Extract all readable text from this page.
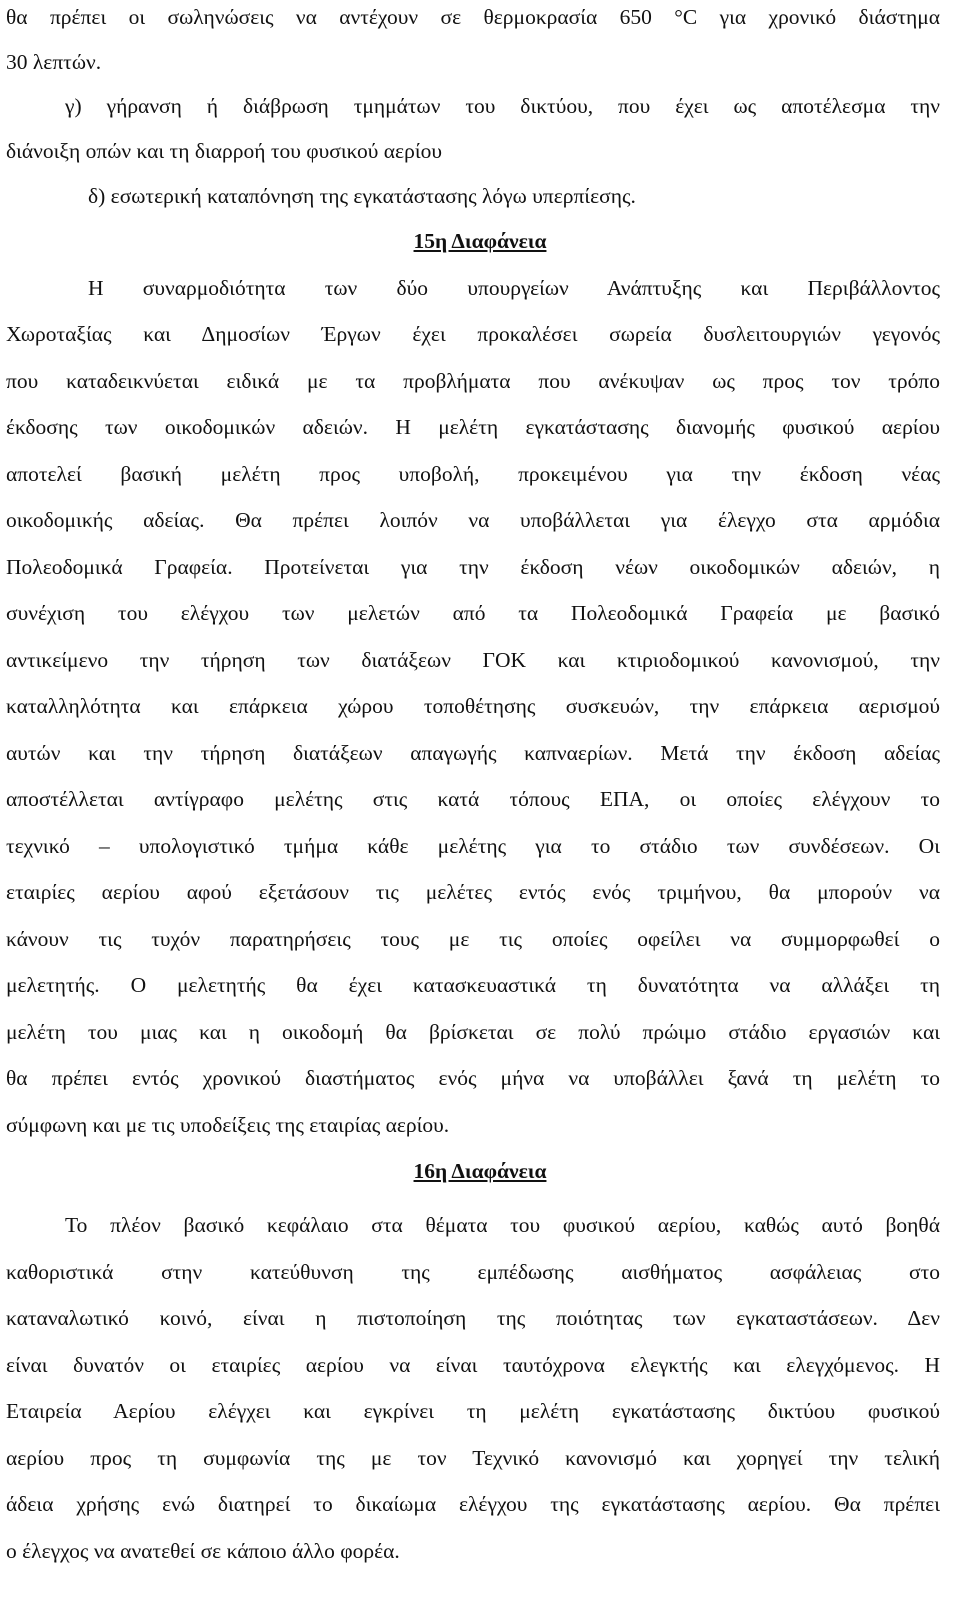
θα πρέπει οι σωληνώσεις να αντέχουν σε θερμοκρασία 650 °C για χρονικό διάστημα
30 λεπτών.
γ) γήρανση ή διάβρωση τμημάτων του δικτύου, που έχει ως αποτέλεσμα την
διάνοιξη οπών και τη διαρροή του φυσικού αερίου
δ) εσωτερική καταπόνηση της εγκατάστασης λόγω υπερπίεσης.
15η Διαφάνεια
Η συναρμοδιότητα των δύο υπουργείων Ανάπτυξης και Περιβάλλοντος
Χωροταξίας και Δημοσίων Έργων έχει προκαλέσει σωρεία δυσλειτουργιών γεγονός
που καταδεικνύεται ειδικά με τα προβλήματα που ανέκυψαν ως προς τον τρόπο
έκδοσης των οικοδομικών αδειών. Η μελέτη εγκατάστασης διανομής φυσικού αερίου
αποτελεί βασική μελέτη προς υποβολή, προκειμένου για την έκδοση νέας
οικοδομικής αδείας. Θα πρέπει λοιπόν να υποβάλλεται για έλεγχο στα αρμόδια
Πολεοδομικά Γραφεία. Προτείνεται για την έκδοση νέων οικοδομικών αδειών, η
συνέχιση του ελέγχου των μελετών από τα Πολεοδομικά Γραφεία με βασικό
αντικείμενο την τήρηση των διατάξεων ΓΟΚ και κτιριοδομικού κανονισμού, την
καταλληλότητα και επάρκεια χώρου τοποθέτησης συσκευών, την επάρκεια αερισμού
αυτών και την τήρηση διατάξεων απαγωγής καπναερίων. Μετά την έκδοση αδείας
αποστέλλεται αντίγραφο μελέτης στις κατά τόπους ΕΠΑ, οι οποίες ελέγχουν το
τεχνικό – υπολογιστικό τμήμα κάθε μελέτης για το στάδιο των συνδέσεων. Οι
εταιρίες αερίου αφού εξετάσουν τις μελέτες εντός ενός τριμήνου, θα μπορούν να
κάνουν τις τυχόν παρατηρήσεις τους με τις οποίες οφείλει να συμμορφωθεί ο
μελετητής. Ο μελετητής θα έχει κατασκευαστικά τη δυνατότητα να αλλάξει τη
μελέτη του μιας και η οικοδομή θα βρίσκεται σε πολύ πρώιμο στάδιο εργασιών και
θα πρέπει εντός χρονικού διαστήματος ενός μήνα να υποβάλλει ξανά τη μελέτη το
σύμφωνη και με τις υποδείξεις της εταιρίας αερίου.
16η Διαφάνεια
Το πλέον βασικό κεφάλαιο στα θέματα του φυσικού αερίου, καθώς αυτό βοηθά
καθοριστικά στην κατεύθυνση της εμπέδωσης αισθήματος ασφάλειας στο
καταναλωτικό κοινό, είναι η πιστοποίηση της ποιότητας των εγκαταστάσεων. Δεν
είναι δυνατόν οι εταιρίες αερίου να είναι ταυτόχρονα ελεγκτής και ελεγχόμενος. Η
Εταιρεία Αερίου ελέγχει και εγκρίνει τη μελέτη εγκατάστασης δικτύου φυσικού
αερίου προς τη συμφωνία της με τον Τεχνικό κανονισμό και χορηγεί την τελική
άδεια χρήσης ενώ διατηρεί το δικαίωμα ελέγχου της εγκατάστασης αερίου. Θα πρέπει
ο έλεγχος να ανατεθεί σε κάποιο άλλο φορέα.
